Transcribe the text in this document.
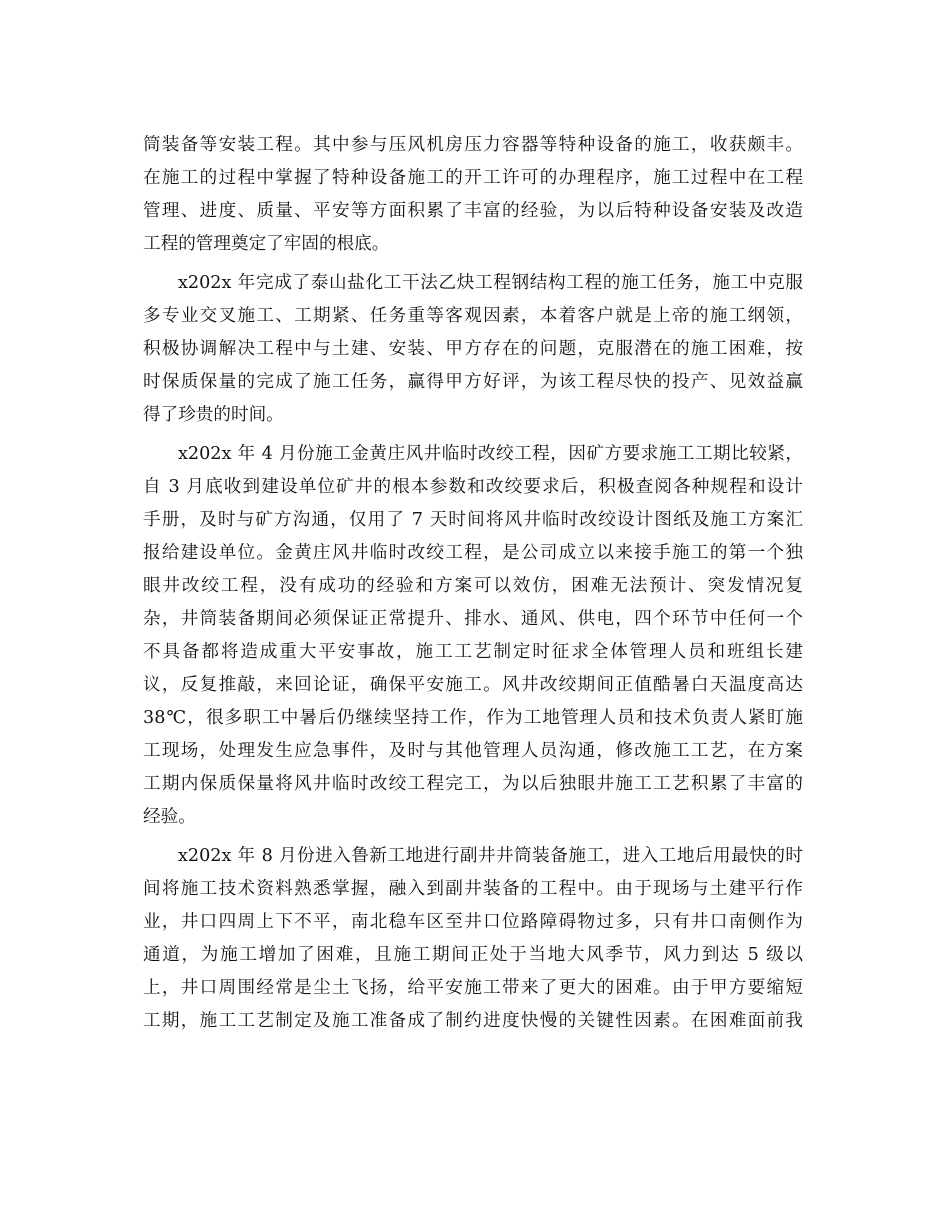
筒装备等安装工程。其中参与压风机房压力容器等特种设备的施工，收获颇丰。
在施工的过程中掌握了特种设备施工的开工许可的办理程序，施工过程中在工程
管理、进度、质量、平安等方面积累了丰富的经验，为以后特种设备安装及改造
工程的管理奠定了牢固的根底。
x202x 年完成了泰山盐化工干法乙炔工程钢结构工程的施工任务，施工中克服
多专业交叉施工、工期紧、任务重等客观因素，本着客户就是上帝的施工纲领，
积极协调解决工程中与土建、安装、甲方存在的问题，克服潜在的施工困难，按
时保质保量的完成了施工任务，赢得甲方好评，为该工程尽快的投产、见效益赢
得了珍贵的时间。
x202x 年 4 月份施工金黄庄风井临时改绞工程，因矿方要求施工工期比较紧，
自 3 月底收到建设单位矿井的根本参数和改绞要求后，积极查阅各种规程和设计
手册，及时与矿方沟通，仅用了 7 天时间将风井临时改绞设计图纸及施工方案汇
报给建设单位。金黄庄风井临时改绞工程，是公司成立以来接手施工的第一个独
眼井改绞工程，没有成功的经验和方案可以效仿，困难无法预计、突发情况复
杂，井筒装备期间必须保证正常提升、排水、通风、供电，四个环节中任何一个
不具备都将造成重大平安事故，施工工艺制定时征求全体管理人员和班组长建
议，反复推敲，来回论证，确保平安施工。风井改绞期间正值酷暑白天温度高达
38℃，很多职工中暑后仍继续坚持工作，作为工地管理人员和技术负责人紧盯施
工现场，处理发生应急事件，及时与其他管理人员沟通，修改施工工艺，在方案
工期内保质保量将风井临时改绞工程完工，为以后独眼井施工工艺积累了丰富的
经验。
x202x 年 8 月份进入鲁新工地进行副井井筒装备施工，进入工地后用最快的时
间将施工技术资料熟悉掌握，融入到副井装备的工程中。由于现场与土建平行作
业，井口四周上下不平，南北稳车区至井口位路障碍物过多，只有井口南侧作为
通道，为施工增加了困难，且施工期间正处于当地大风季节，风力到达 5 级以
上，井口周围经常是尘土飞扬，给平安施工带来了更大的困难。由于甲方要缩短
工期，施工工艺制定及施工准备成了制约进度快慢的关键性因素。在困难面前我
